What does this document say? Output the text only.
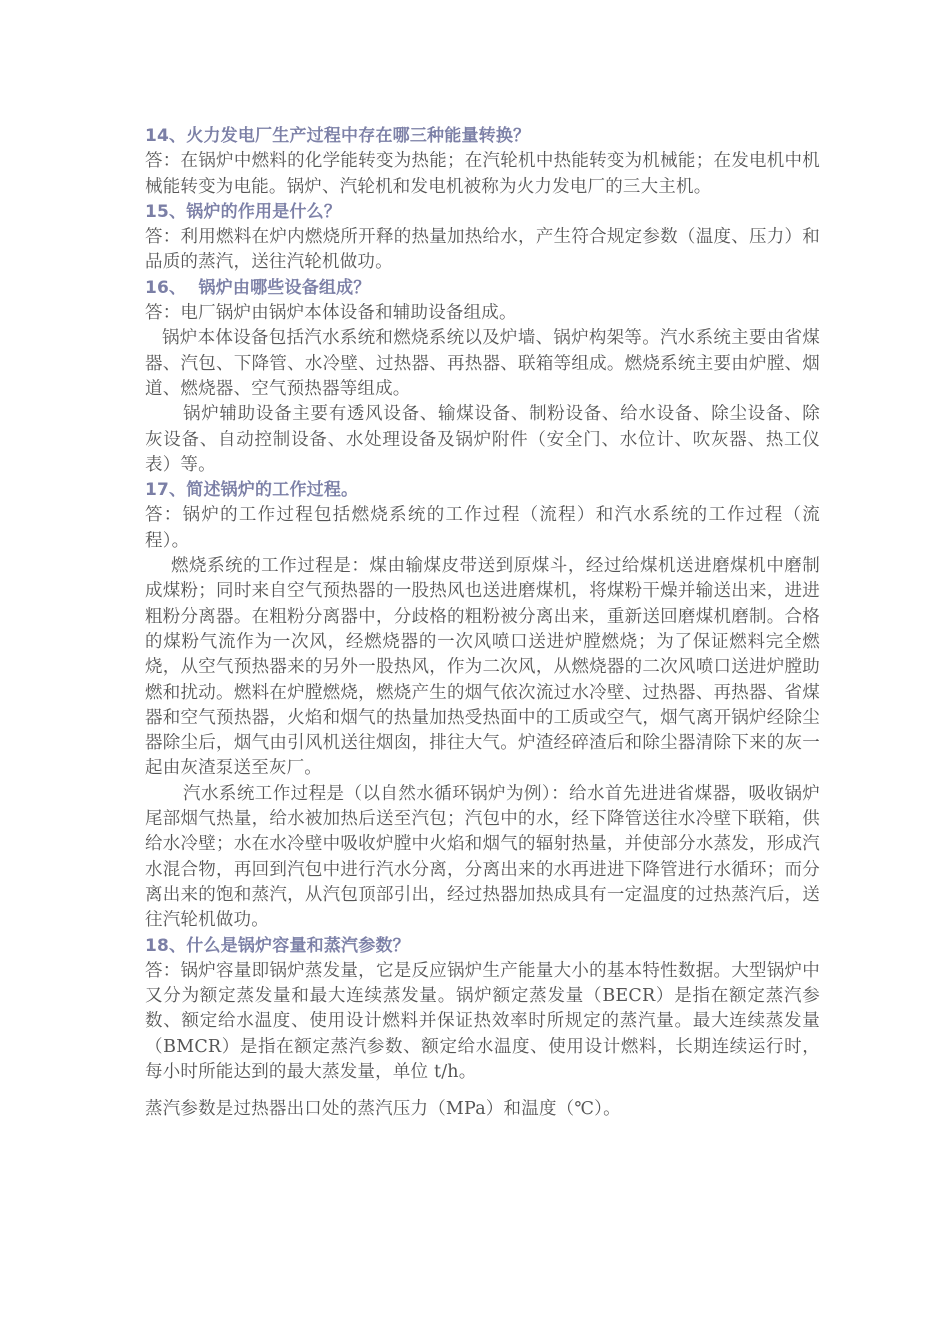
14、火力发电厂生产过程中存在哪三种能量转换？

答：在锅炉中燃料的化学能转变为热能；在汽轮机中热能转变为机械能；在发电机中机械能转变为电能。锅炉、汽轮机和发电机被称为火力发电厂的三大主机。

15、锅炉的作用是什么？

答：利用燃料在炉内燃烧所开释的热量加热给水，产生符合规定参数（温度、压力）和品质的蒸汽，送往汽轮机做功。

16、  锅炉由哪些设备组成？

答：电厂锅炉由锅炉本体设备和辅助设备组成。

锅炉本体设备包括汽水系统和燃烧系统以及炉墙、锅炉构架等。汽水系统主要由省煤器、汽包、下降管、水冷壁、过热器、再热器、联箱等组成。燃烧系统主要由炉膛、烟道、燃烧器、空气预热器等组成。

锅炉辅助设备主要有透风设备、输煤设备、制粉设备、给水设备、除尘设备、除灰设备、自动控制设备、水处理设备及锅炉附件（安全门、水位计、吹灰器、热工仪表）等。

17、简述锅炉的工作过程。

答：锅炉的工作过程包括燃烧系统的工作过程（流程）和汽水系统的工作过程（流程）。

燃烧系统的工作过程是：煤由输煤皮带送到原煤斗，经过给煤机送进磨煤机中磨制成煤粉；同时来自空气预热器的一股热风也送进磨煤机，将煤粉干燥并输送出来，进进粗粉分离器。在粗粉分离器中，分歧格的粗粉被分离出来，重新送回磨煤机磨制。合格的煤粉气流作为一次风，经燃烧器的一次风喷口送进炉膛燃烧；为了保证燃料完全燃烧，从空气预热器来的另外一股热风，作为二次风，从燃烧器的二次风喷口送进炉膛助燃和扰动。燃料在炉膛燃烧，燃烧产生的烟气依次流过水冷壁、过热器、再热器、省煤器和空气预热器，火焰和烟气的热量加热受热面中的工质或空气，烟气离开锅炉经除尘器除尘后，烟气由引风机送往烟囱，排往大气。炉渣经碎渣后和除尘器清除下来的灰一起由灰渣泵送至灰厂。

汽水系统工作过程是（以自然水循环锅炉为例）：给水首先进进省煤器，吸收锅炉尾部烟气热量，给水被加热后送至汽包；汽包中的水，经下降管送往水冷壁下联箱，供给水冷壁；水在水冷壁中吸收炉膛中火焰和烟气的辐射热量，并使部分水蒸发，形成汽水混合物，再回到汽包中进行汽水分离，分离出来的水再进进下降管进行水循环；而分离出来的饱和蒸汽，从汽包顶部引出，经过热器加热成具有一定温度的过热蒸汽后，送往汽轮机做功。

18、什么是锅炉容量和蒸汽参数？

答：锅炉容量即锅炉蒸发量，它是反应锅炉生产能量大小的基本特性数据。大型锅炉中又分为额定蒸发量和最大连续蒸发量。锅炉额定蒸发量（BECR）是指在额定蒸汽参数、额定给水温度、使用设计燃料并保证热效率时所规定的蒸汽量。最大连续蒸发量（BMCR）是指在额定蒸汽参数、额定给水温度、使用设计燃料，长期连续运行时，每小时所能达到的最大蒸发量，单位 t/h。

蒸汽参数是过热器出口处的蒸汽压力（MPa）和温度（℃）。
